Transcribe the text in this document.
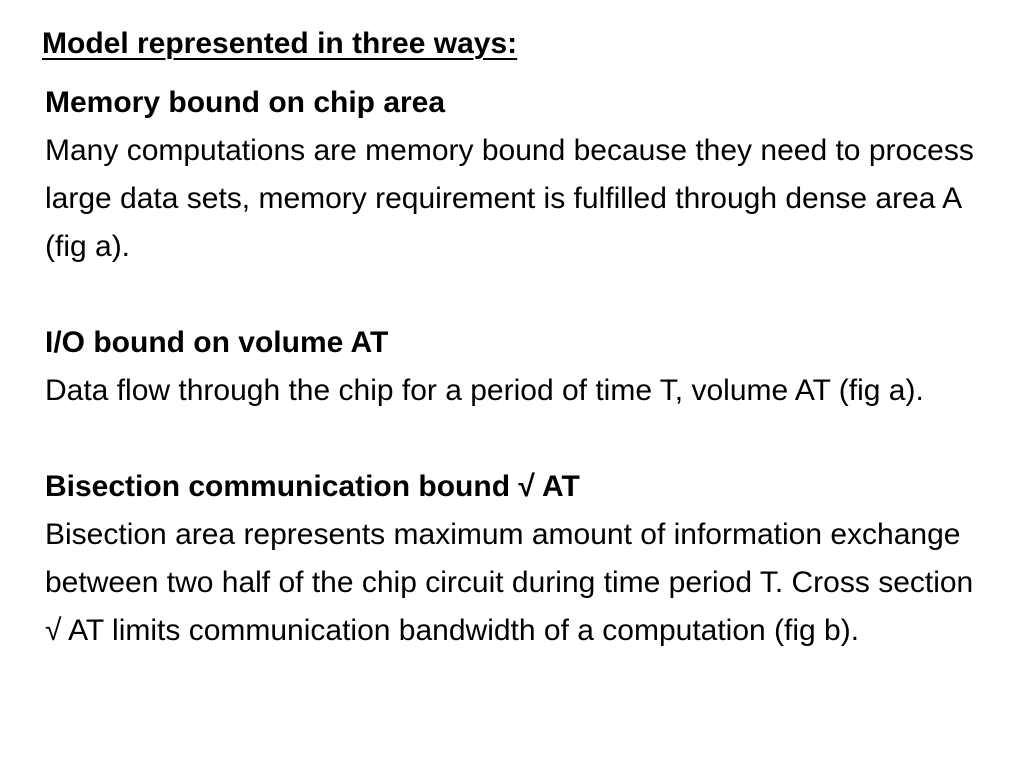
Model represented in three ways:

Memory bound on chip area

Many computations are memory bound because they need to process large data sets, memory requirement is fulfilled through dense area A (fig a).

I/O bound on volume AT

Data flow through the chip for a period of time T, volume AT (fig a).

Bisection communication bound √ AT

Bisection area represents maximum amount of information exchange between two half of the chip circuit during time period T. Cross section √ AT limits communication bandwidth of a computation (fig b).
